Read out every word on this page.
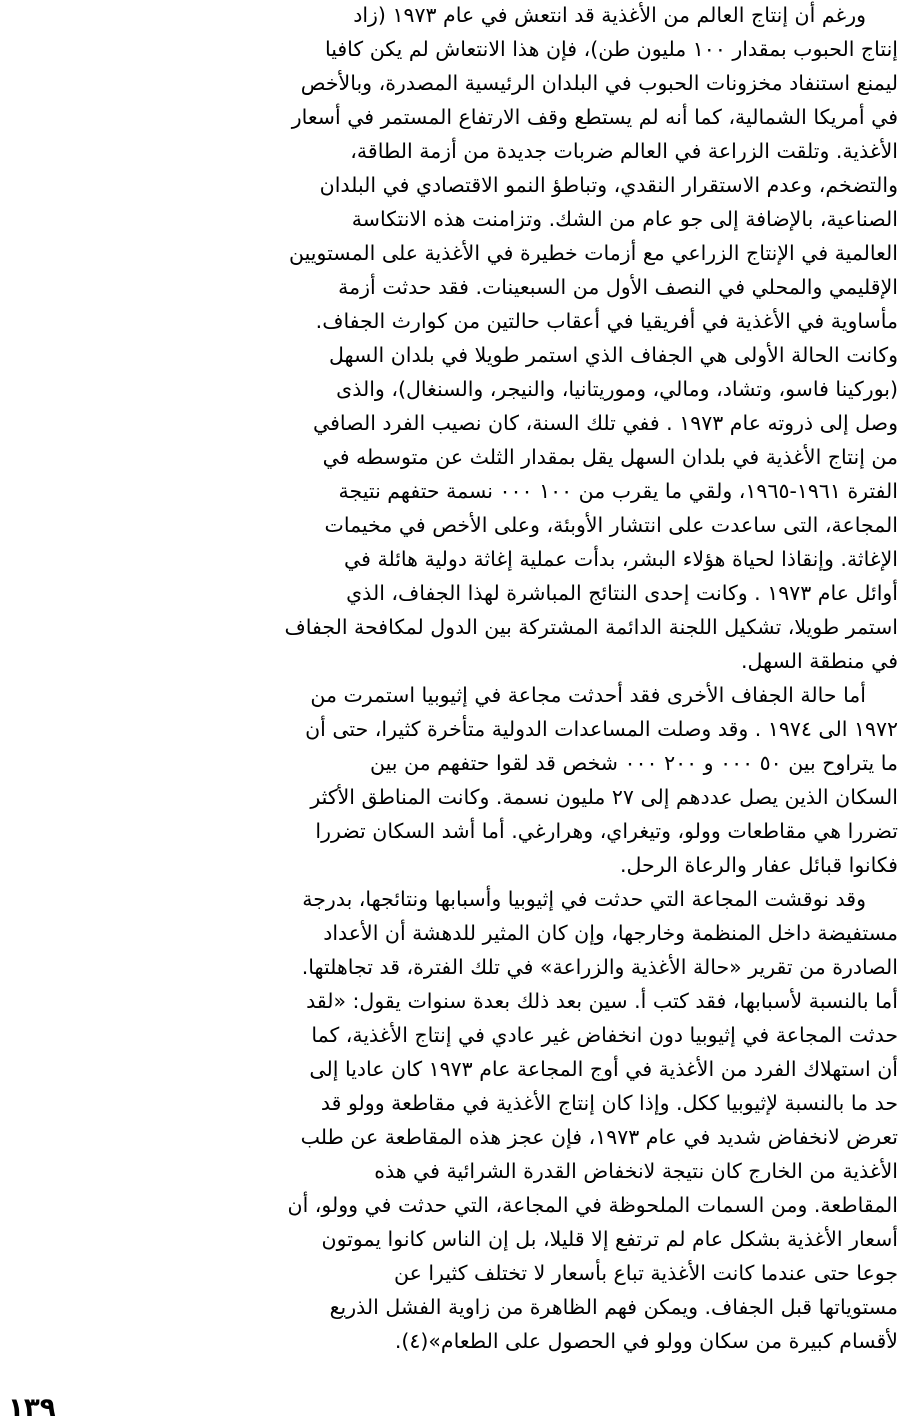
ورغم أن إنتاج العالم من الأغذية قد انتعش في عام ١٩٧٣ (زاد
إنتاج الحبوب بمقدار ١٠٠ مليون طن)، فإن هذا الانتعاش لم يكن كافيا
ليمنع استنفاد مخزونات الحبوب في البلدان الرئيسية المصدرة، وبالأخص
في أمريكا الشمالية، كما أنه لم يستطع وقف الارتفاع المستمر في أسعار
الأغذية. وتلقت الزراعة في العالم ضربات جديدة من أزمة الطاقة،
والتضخم، وعدم الاستقرار النقدي، وتباطؤ النمو الاقتصادي في البلدان
الصناعية، بالإضافة إلى جو عام من الشك. وتزامنت هذه الانتكاسة
العالمية في الإنتاج الزراعي مع أزمات خطيرة في الأغذية على المستويين
الإقليمي والمحلي في النصف الأول من السبعينات. فقد حدثت أزمة
مأساوية في الأغذية في أفريقيا في أعقاب حالتين من كوارث الجفاف.
وكانت الحالة الأولى هي الجفاف الذي استمر طويلا في بلدان السهل
(بوركينا فاسو، وتشاد، ومالي، وموريتانيا، والنيجر، والسنغال)، والذى
وصل إلى ذروته عام ١٩٧٣ . ففي تلك السنة، كان نصيب الفرد الصافي
من إنتاج الأغذية في بلدان السهل يقل بمقدار الثلث عن متوسطه في
الفترة ١٩٦١-١٩٦٥، ولقي ما يقرب من ١٠٠ ٠٠٠ نسمة حتفهم نتيجة
المجاعة، التى ساعدت على انتشار الأوبئة، وعلى الأخص في مخيمات
الإغاثة. وإنقاذا لحياة هؤلاء البشر، بدأت عملية إغاثة دولية هائلة في
أوائل عام ١٩٧٣ . وكانت إحدى النتائج المباشرة لهذا الجفاف، الذي
استمر طويلا، تشكيل اللجنة الدائمة المشتركة بين الدول لمكافحة الجفاف
في منطقة السهل.
أما حالة الجفاف الأخرى فقد أحدثت مجاعة في إثيوبيا استمرت من
١٩٧٢ الى ١٩٧٤ . وقد وصلت المساعدات الدولية متأخرة كثيرا، حتى أن
ما يتراوح بين ٥٠ ٠٠٠ و ٢٠٠ ٠٠٠ شخص قد لقوا حتفهم من بين
السكان الذين يصل عددهم إلى ٢٧ مليون نسمة. وكانت المناطق الأكثر
تضررا هي مقاطعات وولو، وتيغراي، وهرارغي. أما أشد السكان تضررا
فكانوا قبائل عفار والرعاة الرحل.
وقد نوقشت المجاعة التي حدثت في إثيوبيا وأسبابها ونتائجها، بدرجة
مستفيضة داخل المنظمة وخارجها، وإن كان المثير للدهشة أن الأعداد
الصادرة من تقرير «حالة الأغذية والزراعة» في تلك الفترة، قد تجاهلتها.
أما بالنسبة لأسبابها، فقد كتب أ. سين بعد ذلك بعدة سنوات يقول: «لقد
حدثت المجاعة في إثيوبيا دون انخفاض غير عادي في إنتاج الأغذية، كما
أن استهلاك الفرد من الأغذية في أوج المجاعة عام ١٩٧٣ كان عاديا إلى
حد ما بالنسبة لإثيوبيا ككل. وإذا كان إنتاج الأغذية في مقاطعة وولو قد
تعرض لانخفاض شديد في عام ١٩٧٣، فإن عجز هذه المقاطعة عن طلب
الأغذية من الخارج كان نتيجة لانخفاض القدرة الشرائية في هذه
المقاطعة. ومن السمات الملحوظة في المجاعة، التي حدثت في وولو، أن
أسعار الأغذية بشكل عام لم ترتفع إلا قليلا، بل إن الناس كانوا يموتون
جوعا حتى عندما كانت الأغذية تباع بأسعار لا تختلف كثيرا عن
مستوياتها قبل الجفاف. ويمكن فهم الظاهرة من زاوية الفشل الذريع
لأقسام كبيرة من سكان وولو في الحصول على الطعام»(٤).
١٣٩
